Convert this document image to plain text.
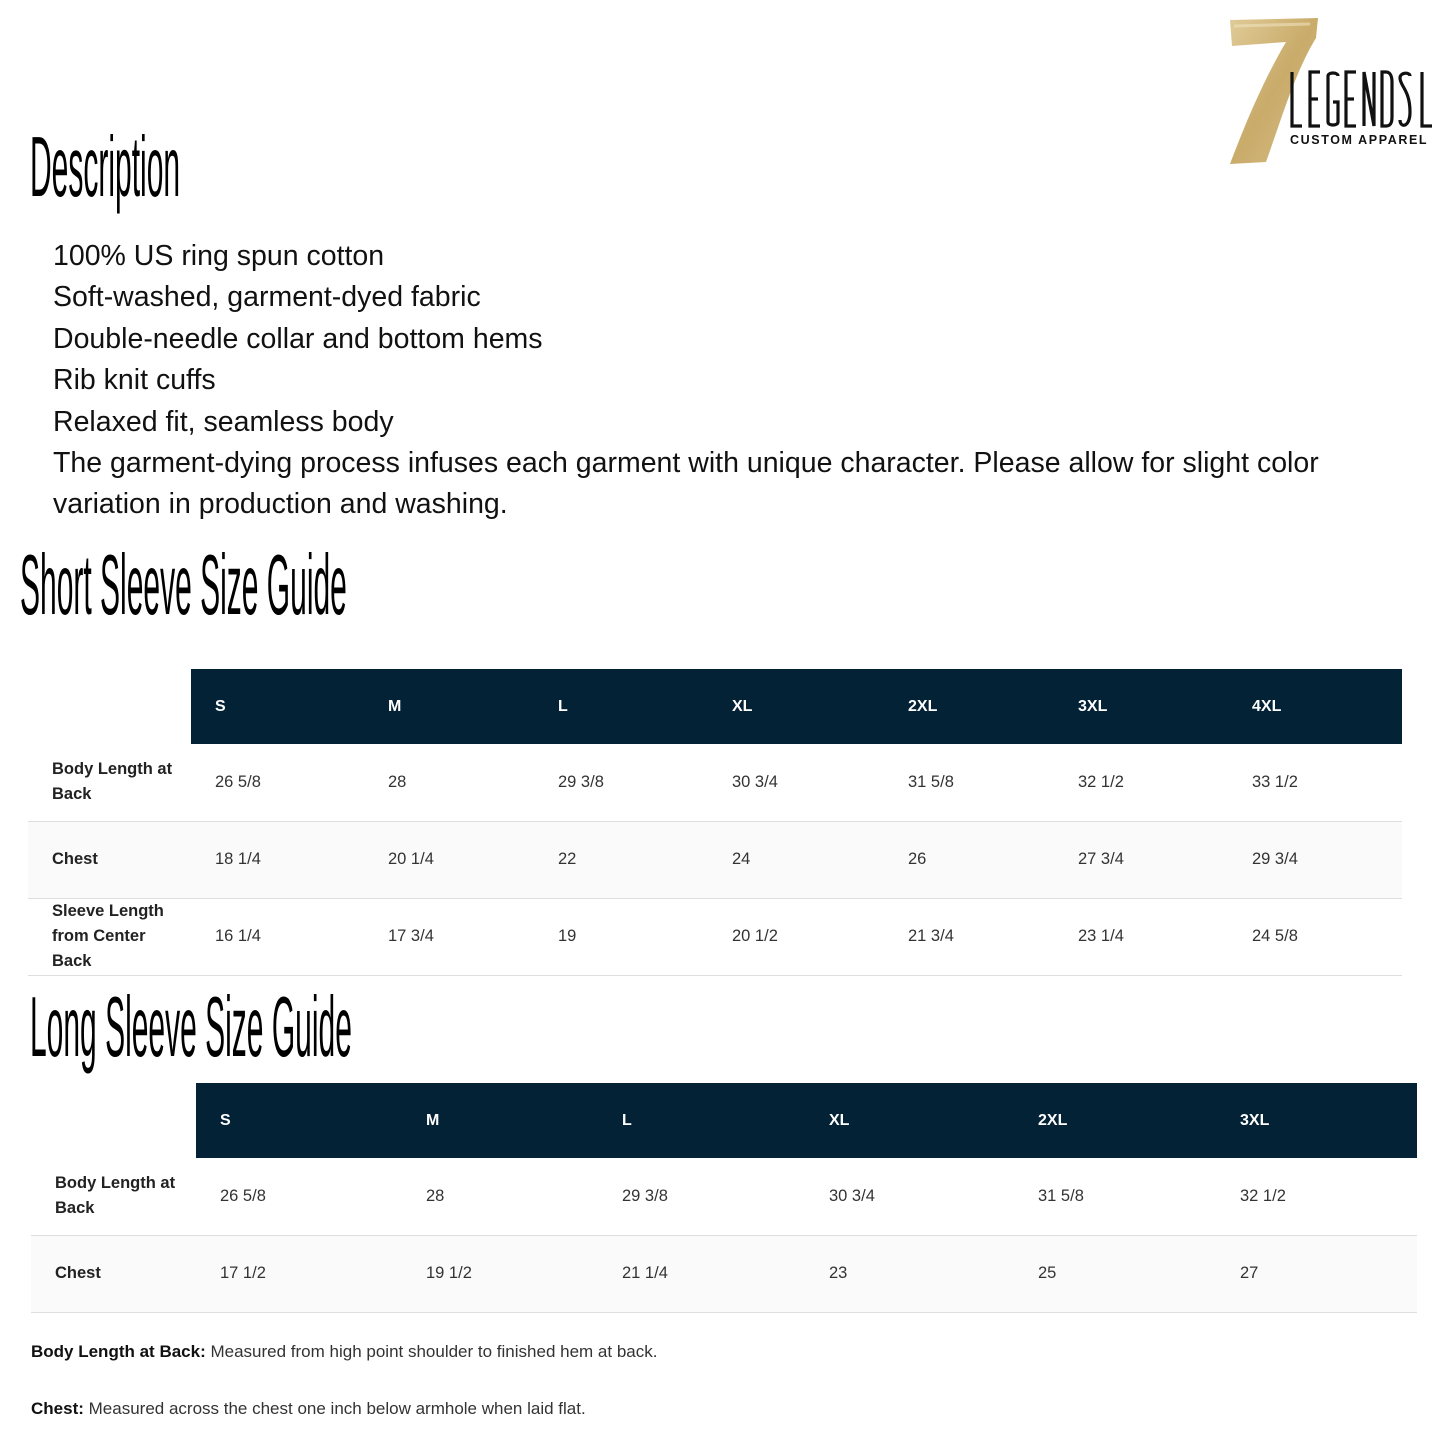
CUSTOM APPAREL
Description
100% US ring spun cotton
Soft-washed, garment-dyed fabric
Double-needle collar and bottom hems
Rib knit cuffs
Relaxed fit, seamless body
The garment-dying process infuses each garment with unique character. Please allow for slight color variation in production and washing.
Short Sleeve Size Guide
	S	M	L	XL	2XL	3XL	4XL
Body Length at Back	26 5/8	28	29 3/8	30 3/4	31 5/8	32 1/2	33 1/2
Chest	18 1/4	20 1/4	22	24	26	27 3/4	29 3/4
Sleeve Length from Center Back	16 1/4	17 3/4	19	20 1/2	21 3/4	23 1/4	24 5/8
Long Sleeve Size Guide
	S	M	L	XL	2XL	3XL
Body Length at Back	26 5/8	28	29 3/8	30 3/4	31 5/8	32 1/2
Chest	17 1/2	19 1/2	21 1/4	23	25	27
Body Length at Back: Measured from high point shoulder to finished hem at back.
Chest: Measured across the chest one inch below armhole when laid flat.
